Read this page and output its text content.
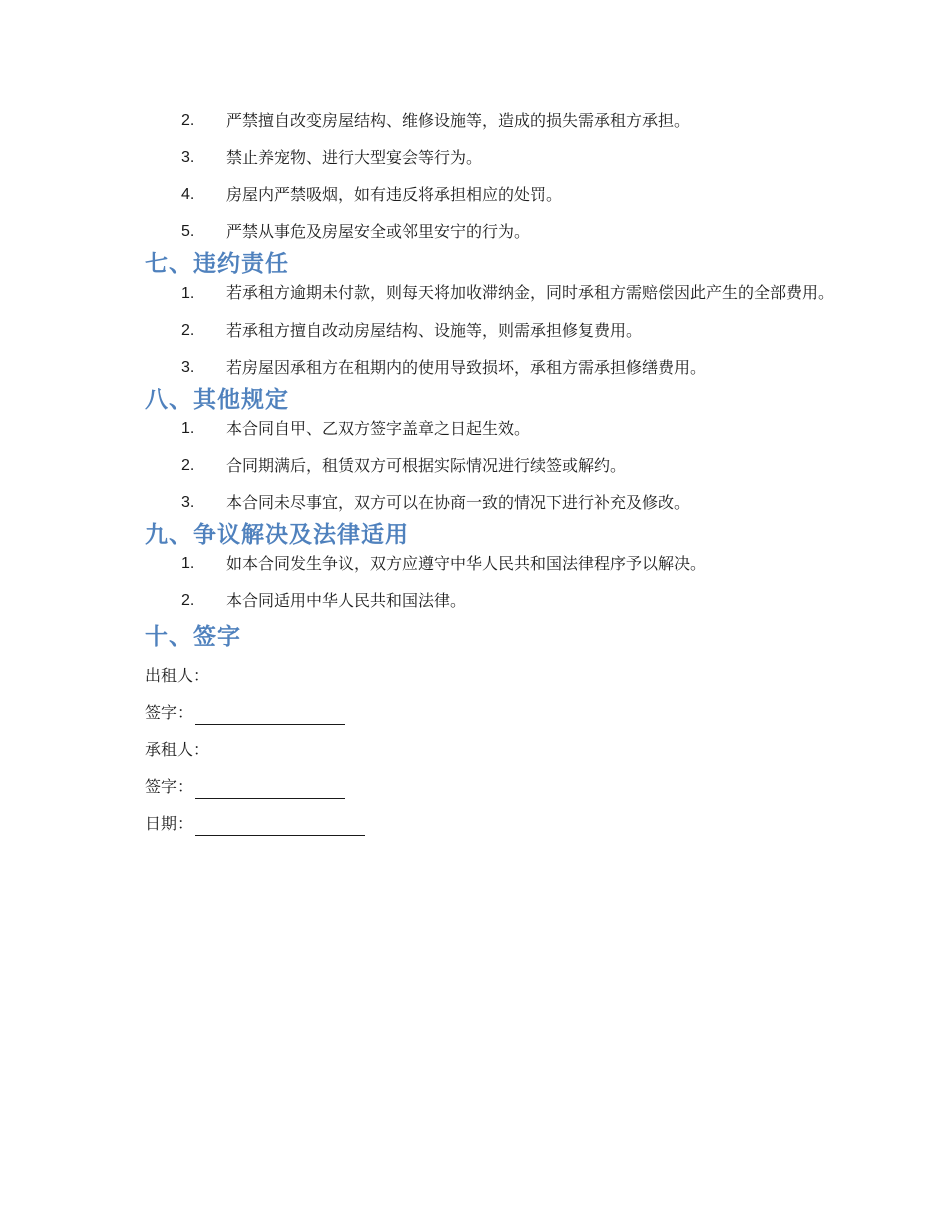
2.	严禁擅自改变房屋结构、维修设施等，造成的损失需承租方承担。
3.	禁止养宠物、进行大型宴会等行为。
4.	房屋内严禁吸烟，如有违反将承担相应的处罚。
5.	严禁从事危及房屋安全或邻里安宁的行为。
七、违约责任
1. 若承租方逾期未付款，则每天将加收滞纳金，同时承租方需赔偿因此产生的全部费用。
2.	若承租方擅自改动房屋结构、设施等，则需承担修复费用。
3.	若房屋因承租方在租期内的使用导致损坏，承租方需承担修缮费用。
八、其他规定
1.	本合同自甲、乙双方签字盖章之日起生效。
2.	合同期满后，租赁双方可根据实际情况进行续签或解约。
3.	本合同未尽事宜，双方可以在协商一致的情况下进行补充及修改。
九、争议解决及法律适用
1.	如本合同发生争议，双方应遵守中华人民共和国法律程序予以解决。
2.	本合同适用中华人民共和国法律。
十、签字
出租人：
签字：
承租人：
签字：
日期：
